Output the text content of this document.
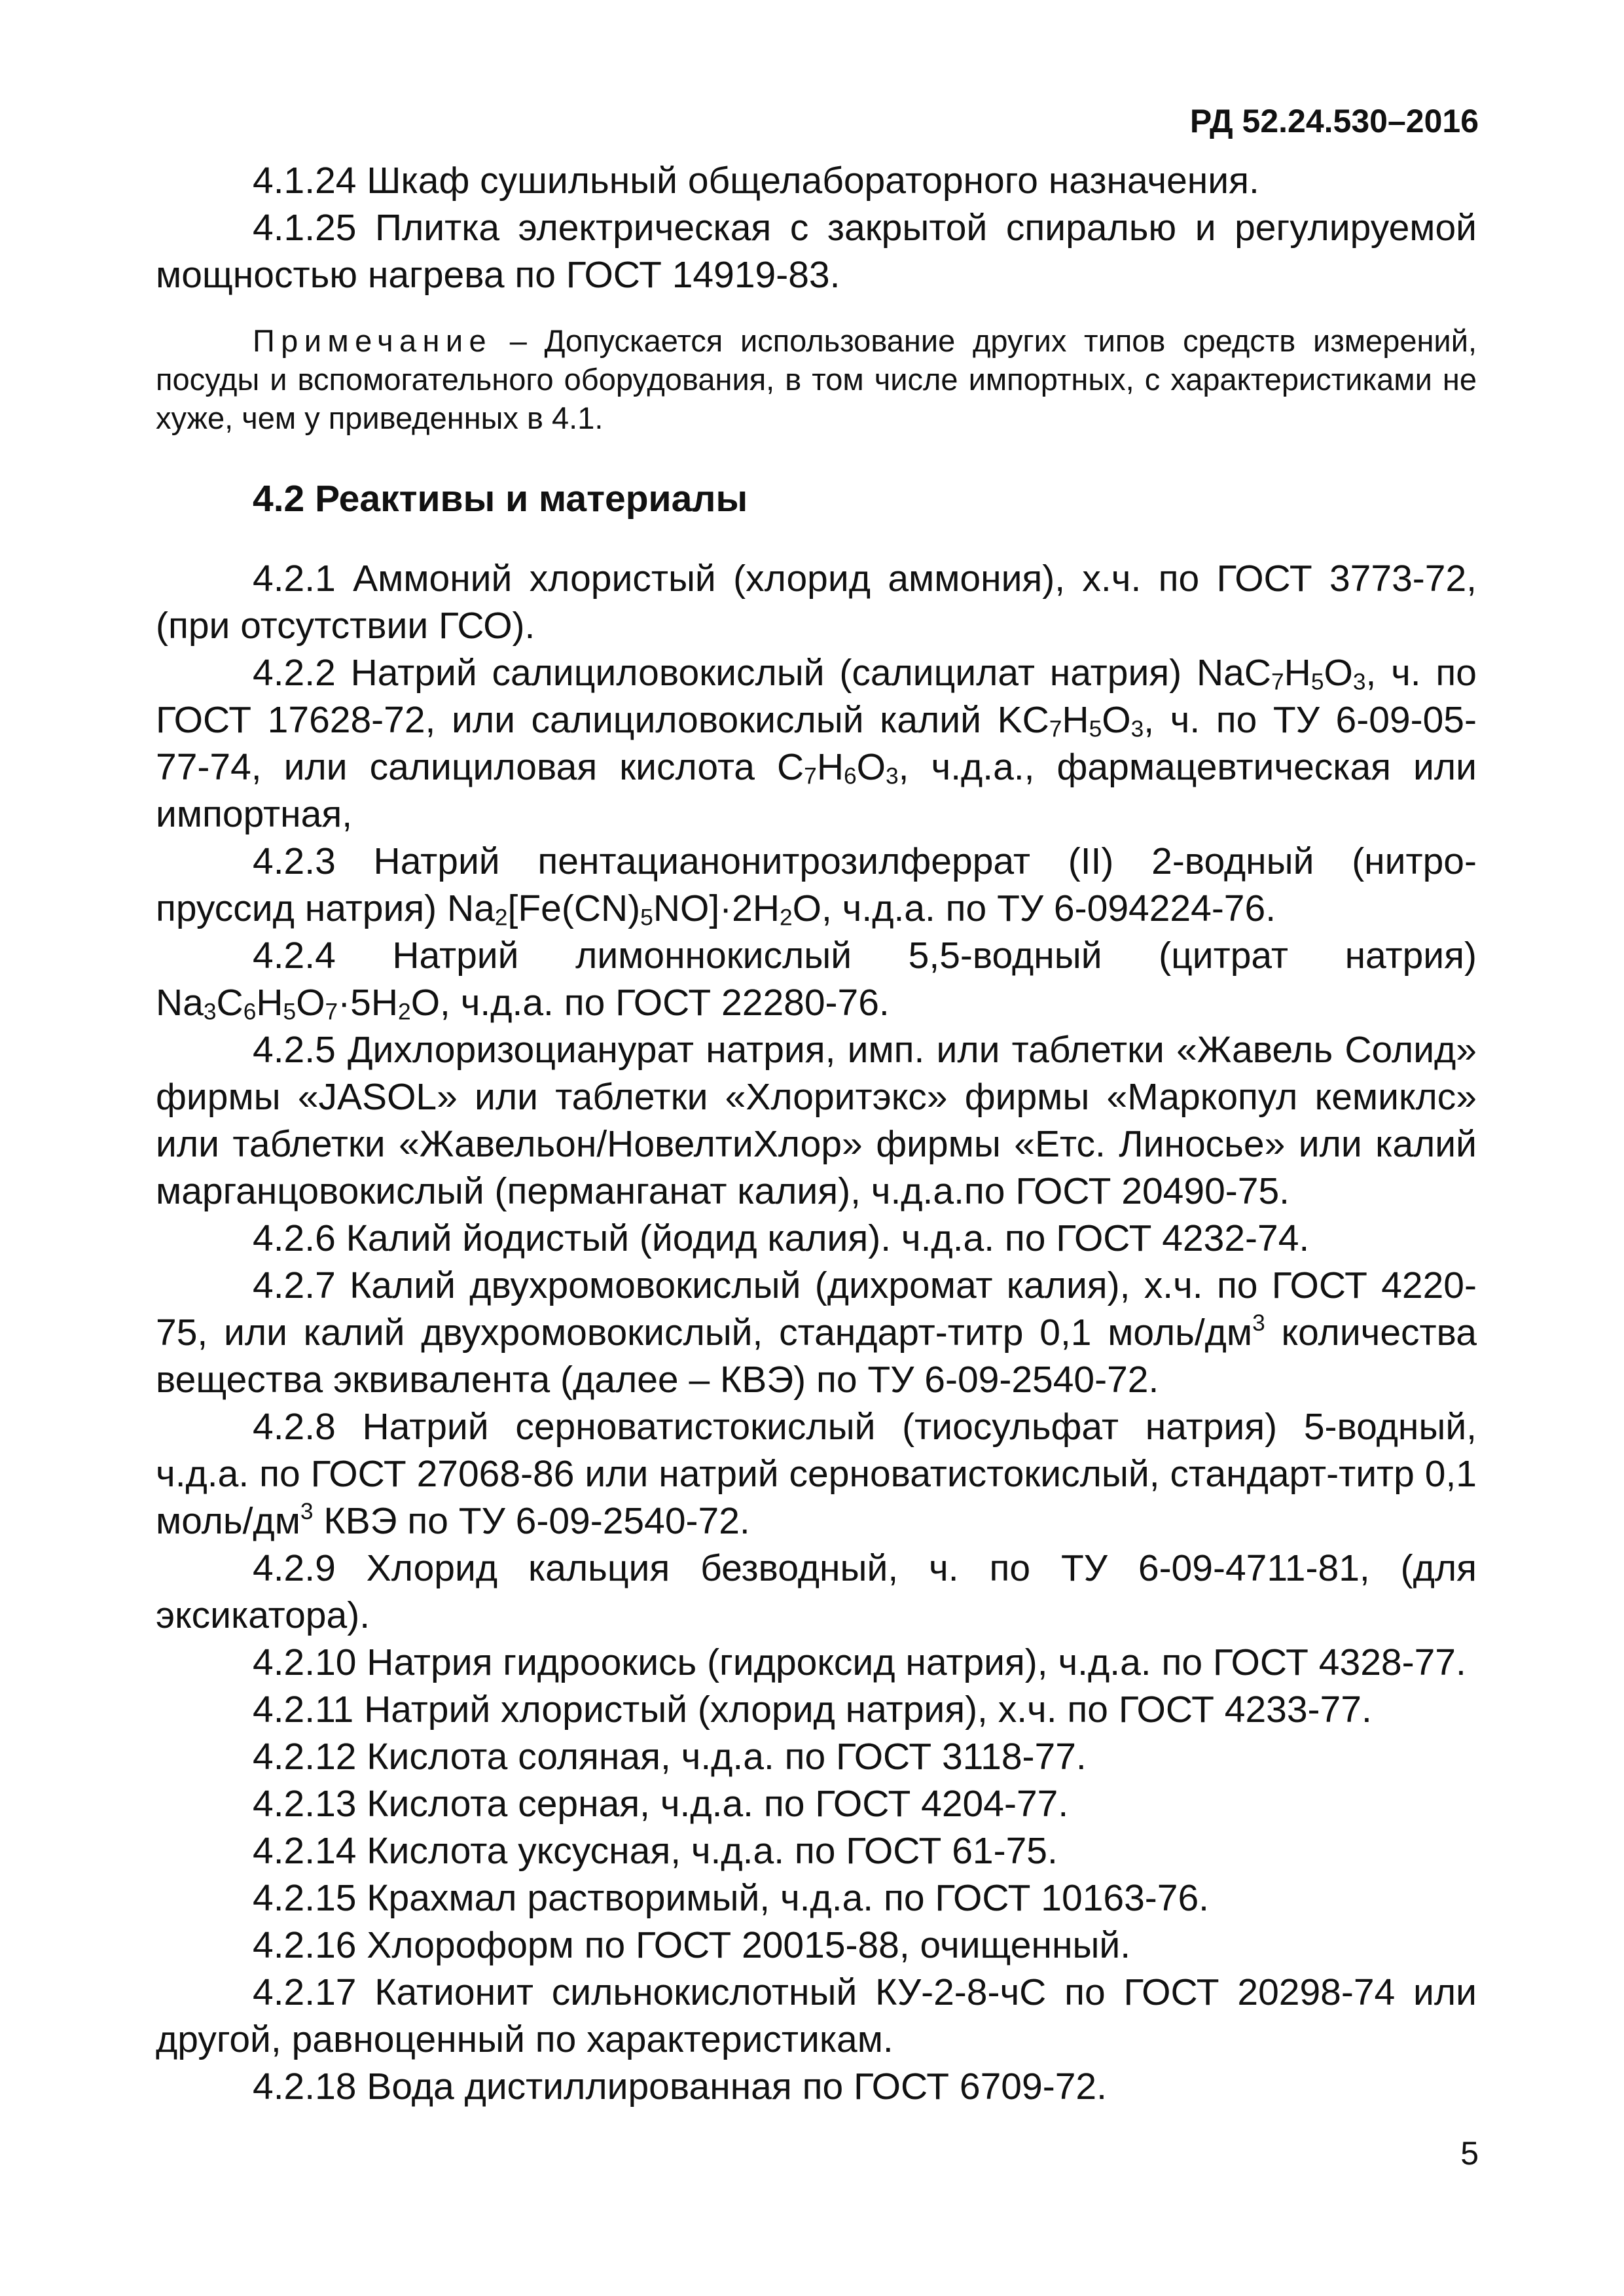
РД 52.24.530–2016

4.1.24 Шкаф сушильный общелабораторного назначения.

4.1.25 Плитка электрическая с закрытой спиралью и регулируемой мощностью нагрева по ГОСТ 14919-83.

Примечание – Допускается использование других типов средств измерений, посуды и вспомогательного оборудования, в том числе импортных, с характеристиками не хуже, чем у приведенных в 4.1.

4.2 Реактивы и материалы

4.2.1 Аммоний хлористый (хлорид аммония), х.ч. по ГОСТ 3773-72, (при отсутствии ГСО).

4.2.2 Натрий салициловокислый (салицилат натрия) $NaC_7H_5O_3$, ч. по ГОСТ 17628-72, или салициловокислый калий $KC_7H_5O_3$, ч. по ТУ 6-09-05-77-74, или салициловая кислота $C_7H_6O_3$, ч.д.а., фармацевтическая или импортная,

4.2.3 Натрий пентацианонитрозилферрат (II) 2-водный (нитро-пруссид натрия) $Na_2[Fe(CN)_5NO]\cdot 2H_2O$, ч.д.а. по ТУ 6-094224-76.

4.2.4 Натрий лимоннокислый 5,5-водный (цитрат натрия) $Na_3C_6H_5O_7\cdot 5H_2O$, ч.д.а. по ГОСТ 22280-76.

4.2.5 Дихлоризоцианурат натрия, имп. или таблетки «Жавель Солид» фирмы «JASOL» или таблетки «Хлоритэкс» фирмы «Маркопул кемиклс» или таблетки «Жавельон/НовелтиХлор» фирмы «Етс. Линосье» или калий марганцовокислый (перманганат калия), ч.д.а.по ГОСТ 20490-75.

4.2.6 Калий йодистый (йодид калия). ч.д.а. по ГОСТ 4232-74.

4.2.7 Калий двухромовокислый (дихромат калия), х.ч. по ГОСТ 4220-75, или калий двухромовокислый, стандарт-титр 0,1 моль/$дм^3$ количества вещества эквивалента (далее – КВЭ) по ТУ 6-09-2540-72.

4.2.8 Натрий серноватистокислый (тиосульфат натрия) 5-водный, ч.д.а. по ГОСТ 27068-86 или натрий серноватистокислый, стандарт-титр 0,1 моль/$дм^3$ КВЭ по ТУ 6-09-2540-72.

4.2.9 Хлорид кальция безводный, ч. по ТУ 6-09-4711-81, (для эксикатора).

4.2.10 Натрия гидроокись (гидроксид натрия), ч.д.а. по ГОСТ 4328-77.

4.2.11 Натрий хлористый (хлорид натрия), х.ч. по ГОСТ 4233-77.

4.2.12 Кислота соляная, ч.д.а. по ГОСТ 3118-77.

4.2.13 Кислота серная, ч.д.а. по ГОСТ 4204-77.

4.2.14 Кислота уксусная, ч.д.а. по ГОСТ 61-75.

4.2.15 Крахмал растворимый, ч.д.а. по ГОСТ 10163-76.

4.2.16 Хлороформ по ГОСТ 20015-88, очищенный.

4.2.17 Катионит сильнокислотный КУ-2-8-чС по ГОСТ 20298-74 или другой, равноценный по характеристикам.

4.2.18 Вода дистиллированная по ГОСТ 6709-72.

5
